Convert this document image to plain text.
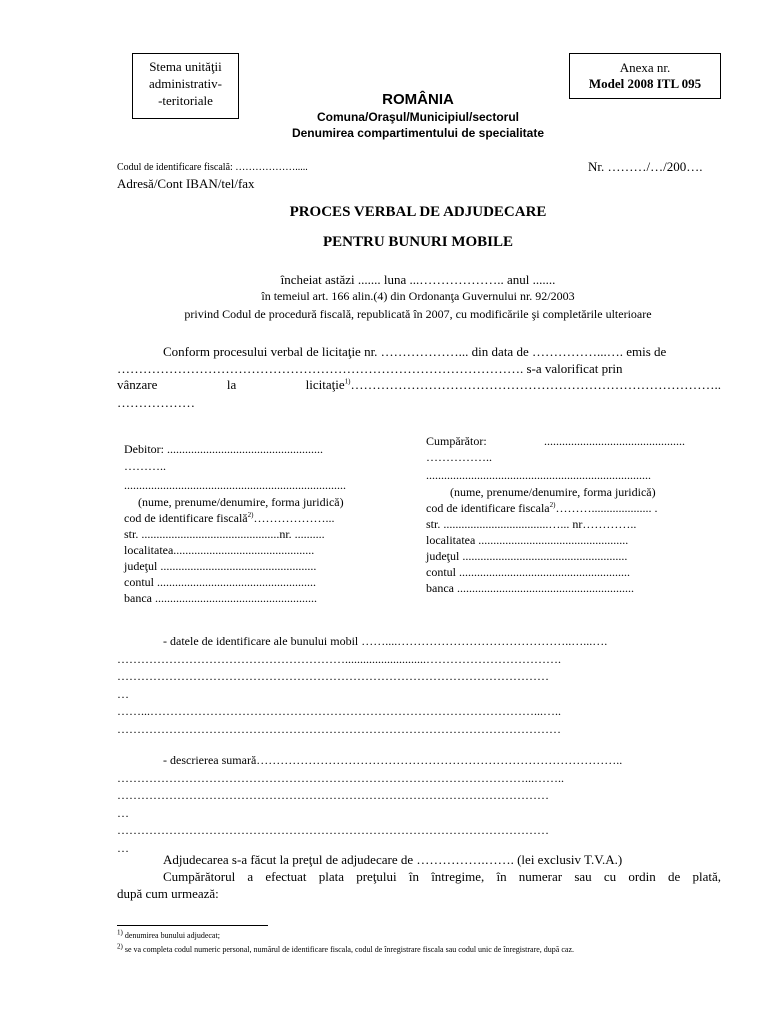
Stema unităţii
administrativ-
-teritoriale
Anexa nr.
Model 2008 ITL 095
ROMÂNIA
Comuna/Oraşul/Municipiul/sectorul
Denumirea compartimentului de specialitate
Codul de identificare fiscală: ……………….....	Nr. ………/…/200….
Adresă/Cont IBAN/tel/fax
PROCES VERBAL DE ADJUDECARE
PENTRU BUNURI MOBILE
încheiat astăzi ....... luna ...……………….. anul .......
în temeiul art. 166 alin.(4) din Ordonanţa Guvernului nr. 92/2003
privind Codul de procedură fiscală, republicată în 2007, cu modificările şi completările ulterioare
Conform procesului verbal de licitaţie nr. ………………... din data de ……………...…. emis de
…………………………………………………………………………………. s-a valorificat prin
vânzare	la	licitaţie$^{1)}$…………………………………………………………………………..
………………
Debitor: ....................................................
………..
..........................................................................
(nume, prenume/denumire, forma juridică)
cod de identificare fiscală$^{2)}$………………...
str. ..............................................nr. ..........
localitatea...............................................
judeţul ....................................................
contul .....................................................
banca ......................................................
Cumpărător:	...............................................
……………..
...........................................................................
(nume, prenume/denumire, forma juridică)
cod de identificare fiscala$^{2)}$……….................... .
str. ...................................…... nr…………..
localitatea ..................................................
judeţul .......................................................
contul .........................................................
banca ...........................................................
- datele de identificare ale bunului mobil ……....……………………………………..…...….
…………………………………………………...........................…………………………….
………………………………………………………………………………………………
…
……...……………………………………………………………………………………...…..
…………………………………………………………………………………………………
- descrierea sumară………………………………………………………………………………..
…………………………………………………………………………………………...……..
………………………………………………………………………………………………
…
………………………………………………………………………………………………
…
Adjudecarea s-a făcut la preţul de adjudecare de …………….……. (lei exclusiv T.V.A.)
Cumpărătorul a efectuat plata preţului în întregime, în numerar sau cu ordin de plată,
după cum urmează:
$^{1)}$ denumirea bunului adjudecat;
$^{2)}$ se va completa codul numeric personal, numărul de identificare fiscala, codul de înregistrare fiscala sau codul unic de înregistrare, după caz.
